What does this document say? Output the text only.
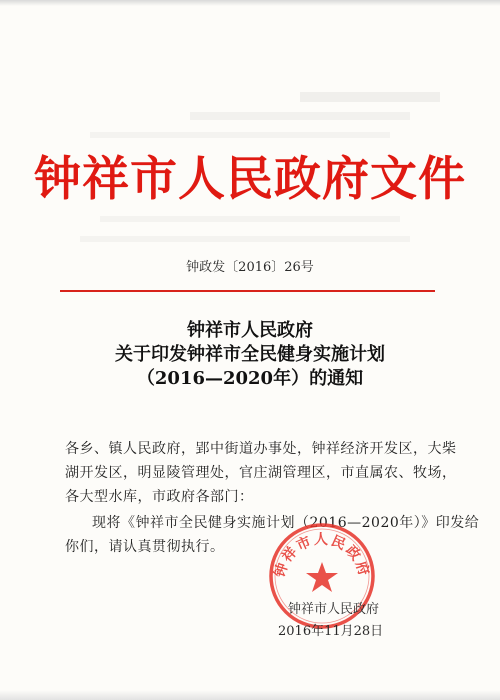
钟祥市人民政府文件
钟政发〔2016〕26号
钟祥市人民政府
关于印发钟祥市全民健身实施计划
（2016—2020年）的通知
各乡、镇人民政府，郢中街道办事处，钟祥经济开发区，大柴
湖开发区，明显陵管理处，官庄湖管理区，市直属农、牧场，
各大型水库，市政府各部门：
现将《钟祥市全民健身实施计划（2016—2020年）》印发给
你们，请认真贯彻执行。
钟祥市人民政府
钟祥市人民政府
2016年11月28日
